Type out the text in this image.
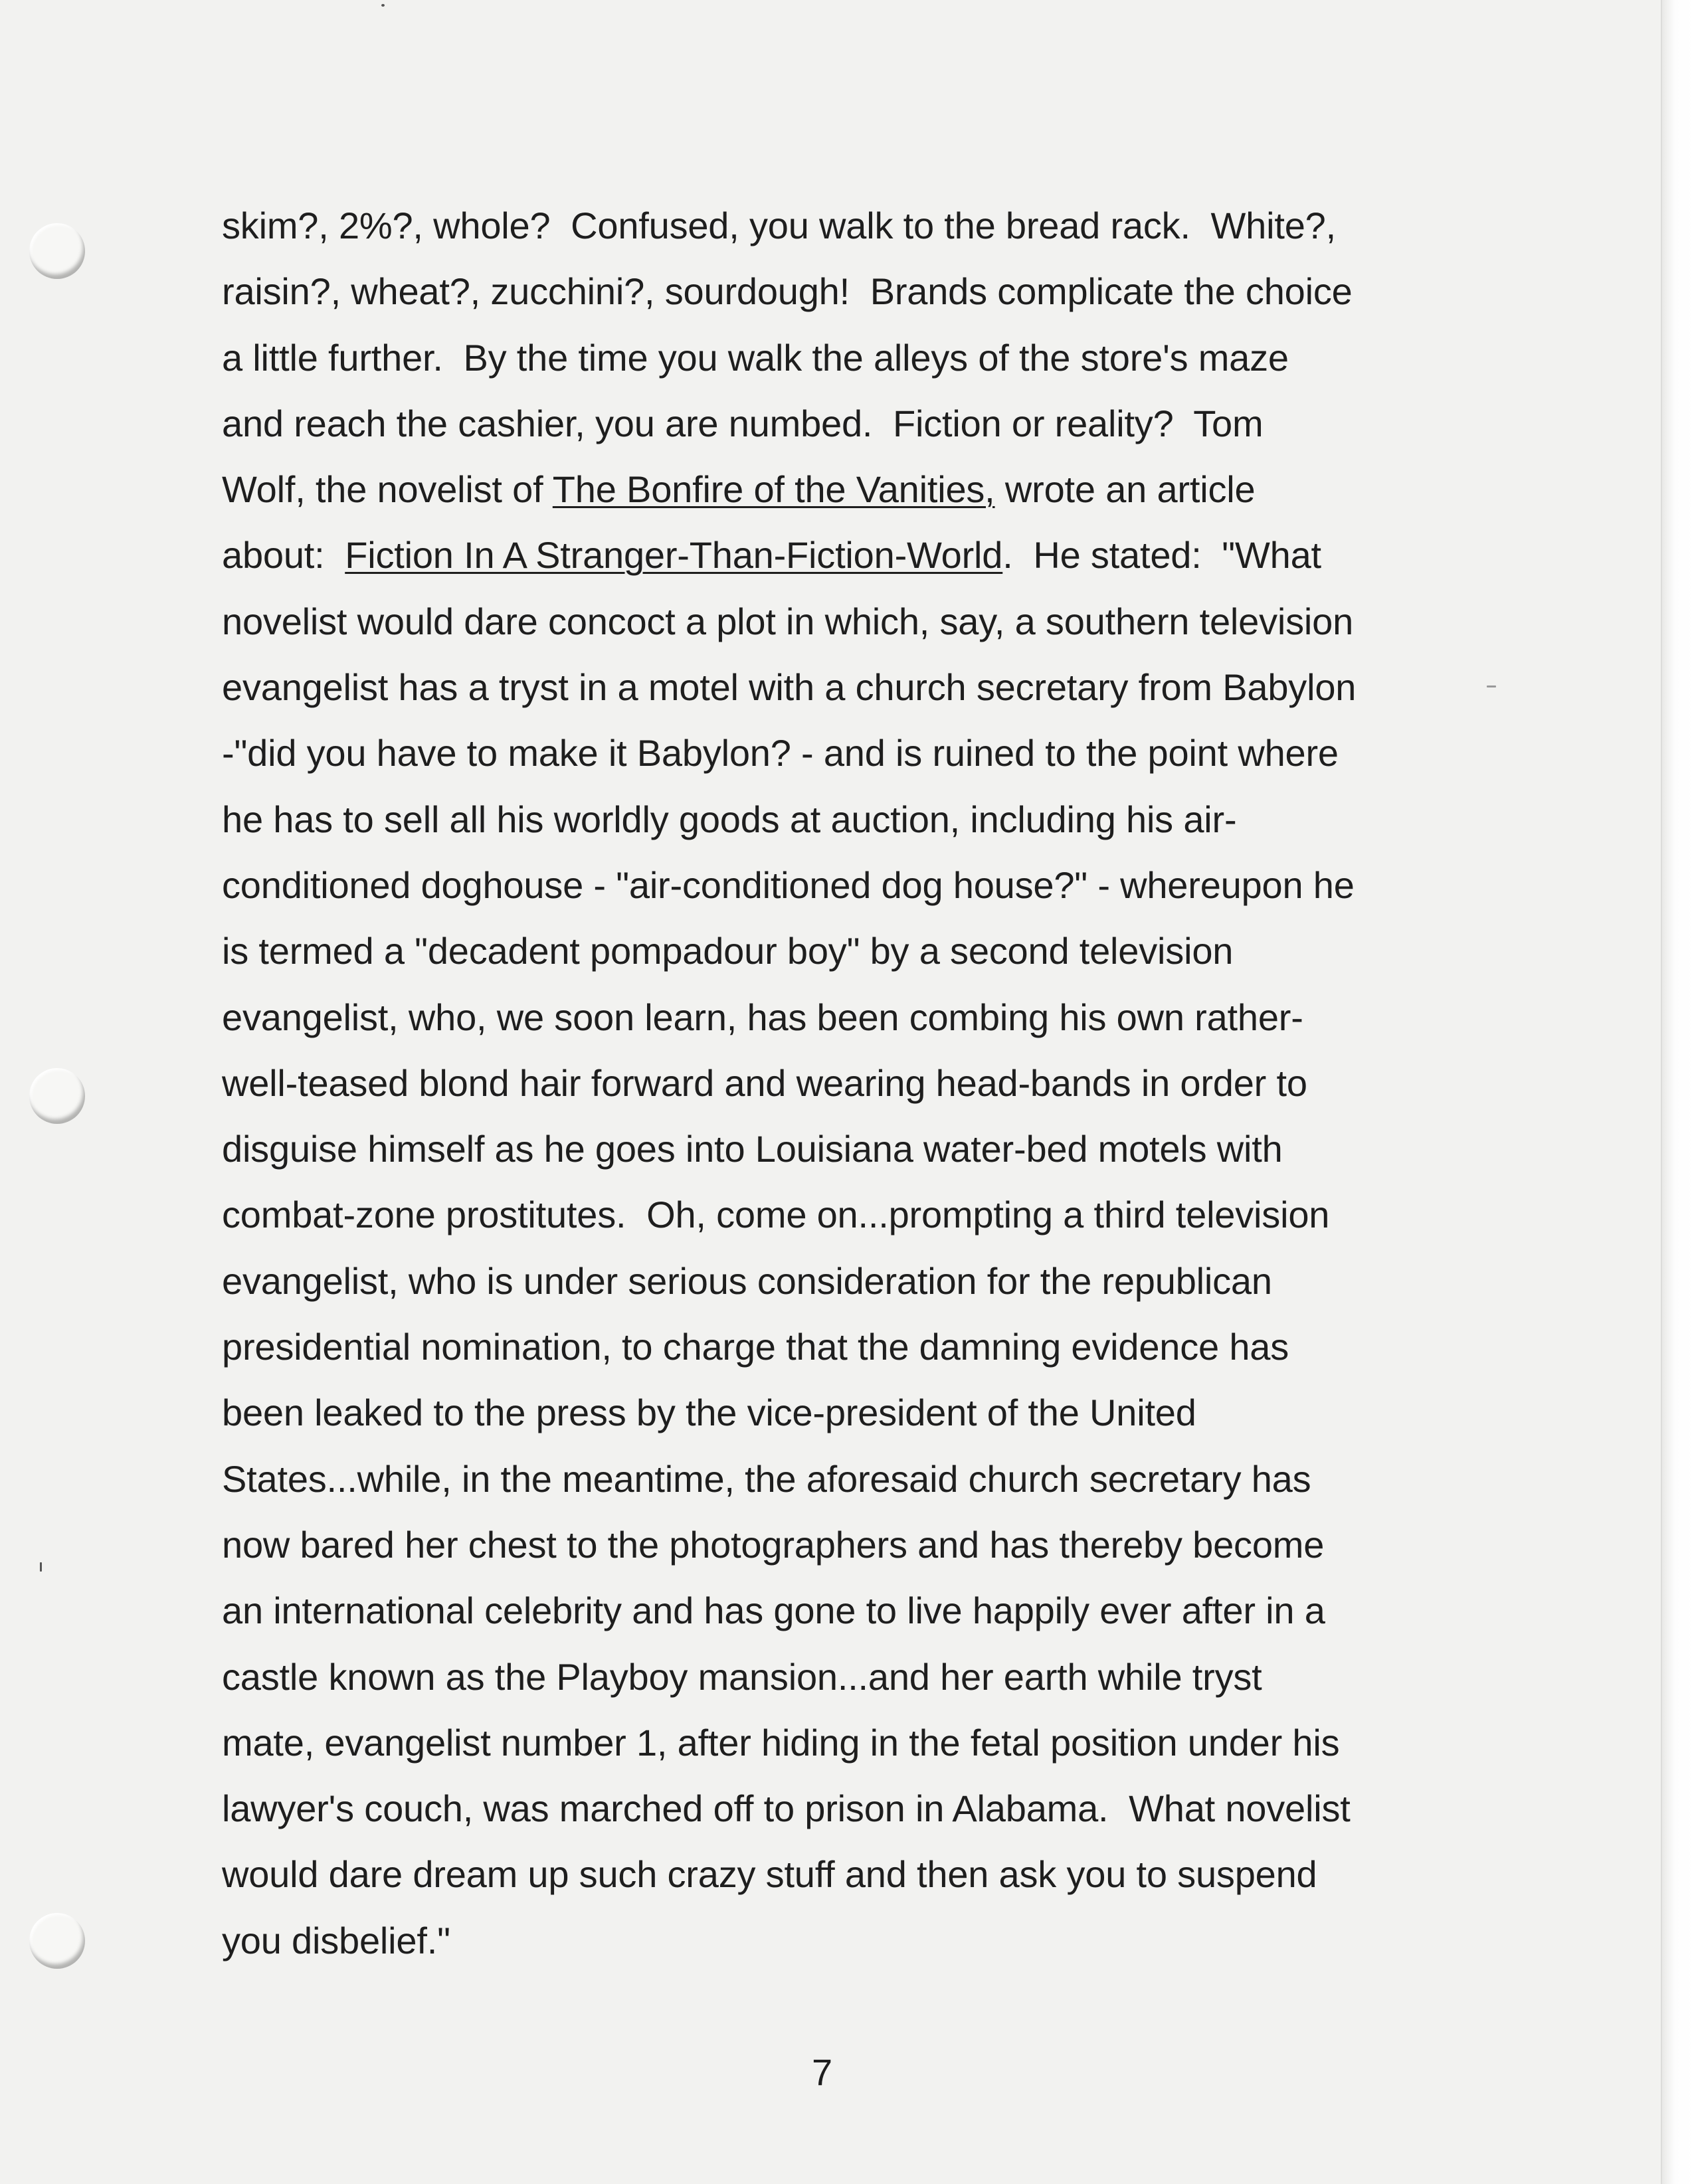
skim?, 2%?, whole?  Confused, you walk to the bread rack.  White?,
raisin?, wheat?, zucchini?, sourdough!  Brands complicate the choice
a little further.  By the time you walk the alleys of the store's maze
and reach the cashier, you are numbed.  Fiction or reality?  Tom
Wolf, the novelist of The Bonfire of the Vanities, wrote an article
about:  Fiction In A Stranger-Than-Fiction-World.  He stated:  "What
novelist would dare concoct a plot in which, say, a southern television
evangelist has a tryst in a motel with a church secretary from Babylon
-"did you have to make it Babylon? - and is ruined to the point where
he has to sell all his worldly goods at auction, including his air-
conditioned doghouse - "air-conditioned dog house?" - whereupon he
is termed a "decadent pompadour boy" by a second television
evangelist, who, we soon learn, has been combing his own rather-
well-teased blond hair forward and wearing head-bands in order to
disguise himself as he goes into Louisiana water-bed motels with
combat-zone prostitutes.  Oh, come on...prompting a third television
evangelist, who is under serious consideration for the republican
presidential nomination, to charge that the damning evidence has
been leaked to the press by the vice-president of the United
States...while, in the meantime, the aforesaid church secretary has
now bared her chest to the photographers and has thereby become
an international celebrity and has gone to live happily ever after in a
castle known as the Playboy mansion...and her earth while tryst
mate, evangelist number 1, after hiding in the fetal position under his
lawyer's couch, was marched off to prison in Alabama.  What novelist
would dare dream up such crazy stuff and then ask you to suspend
you disbelief."
7
